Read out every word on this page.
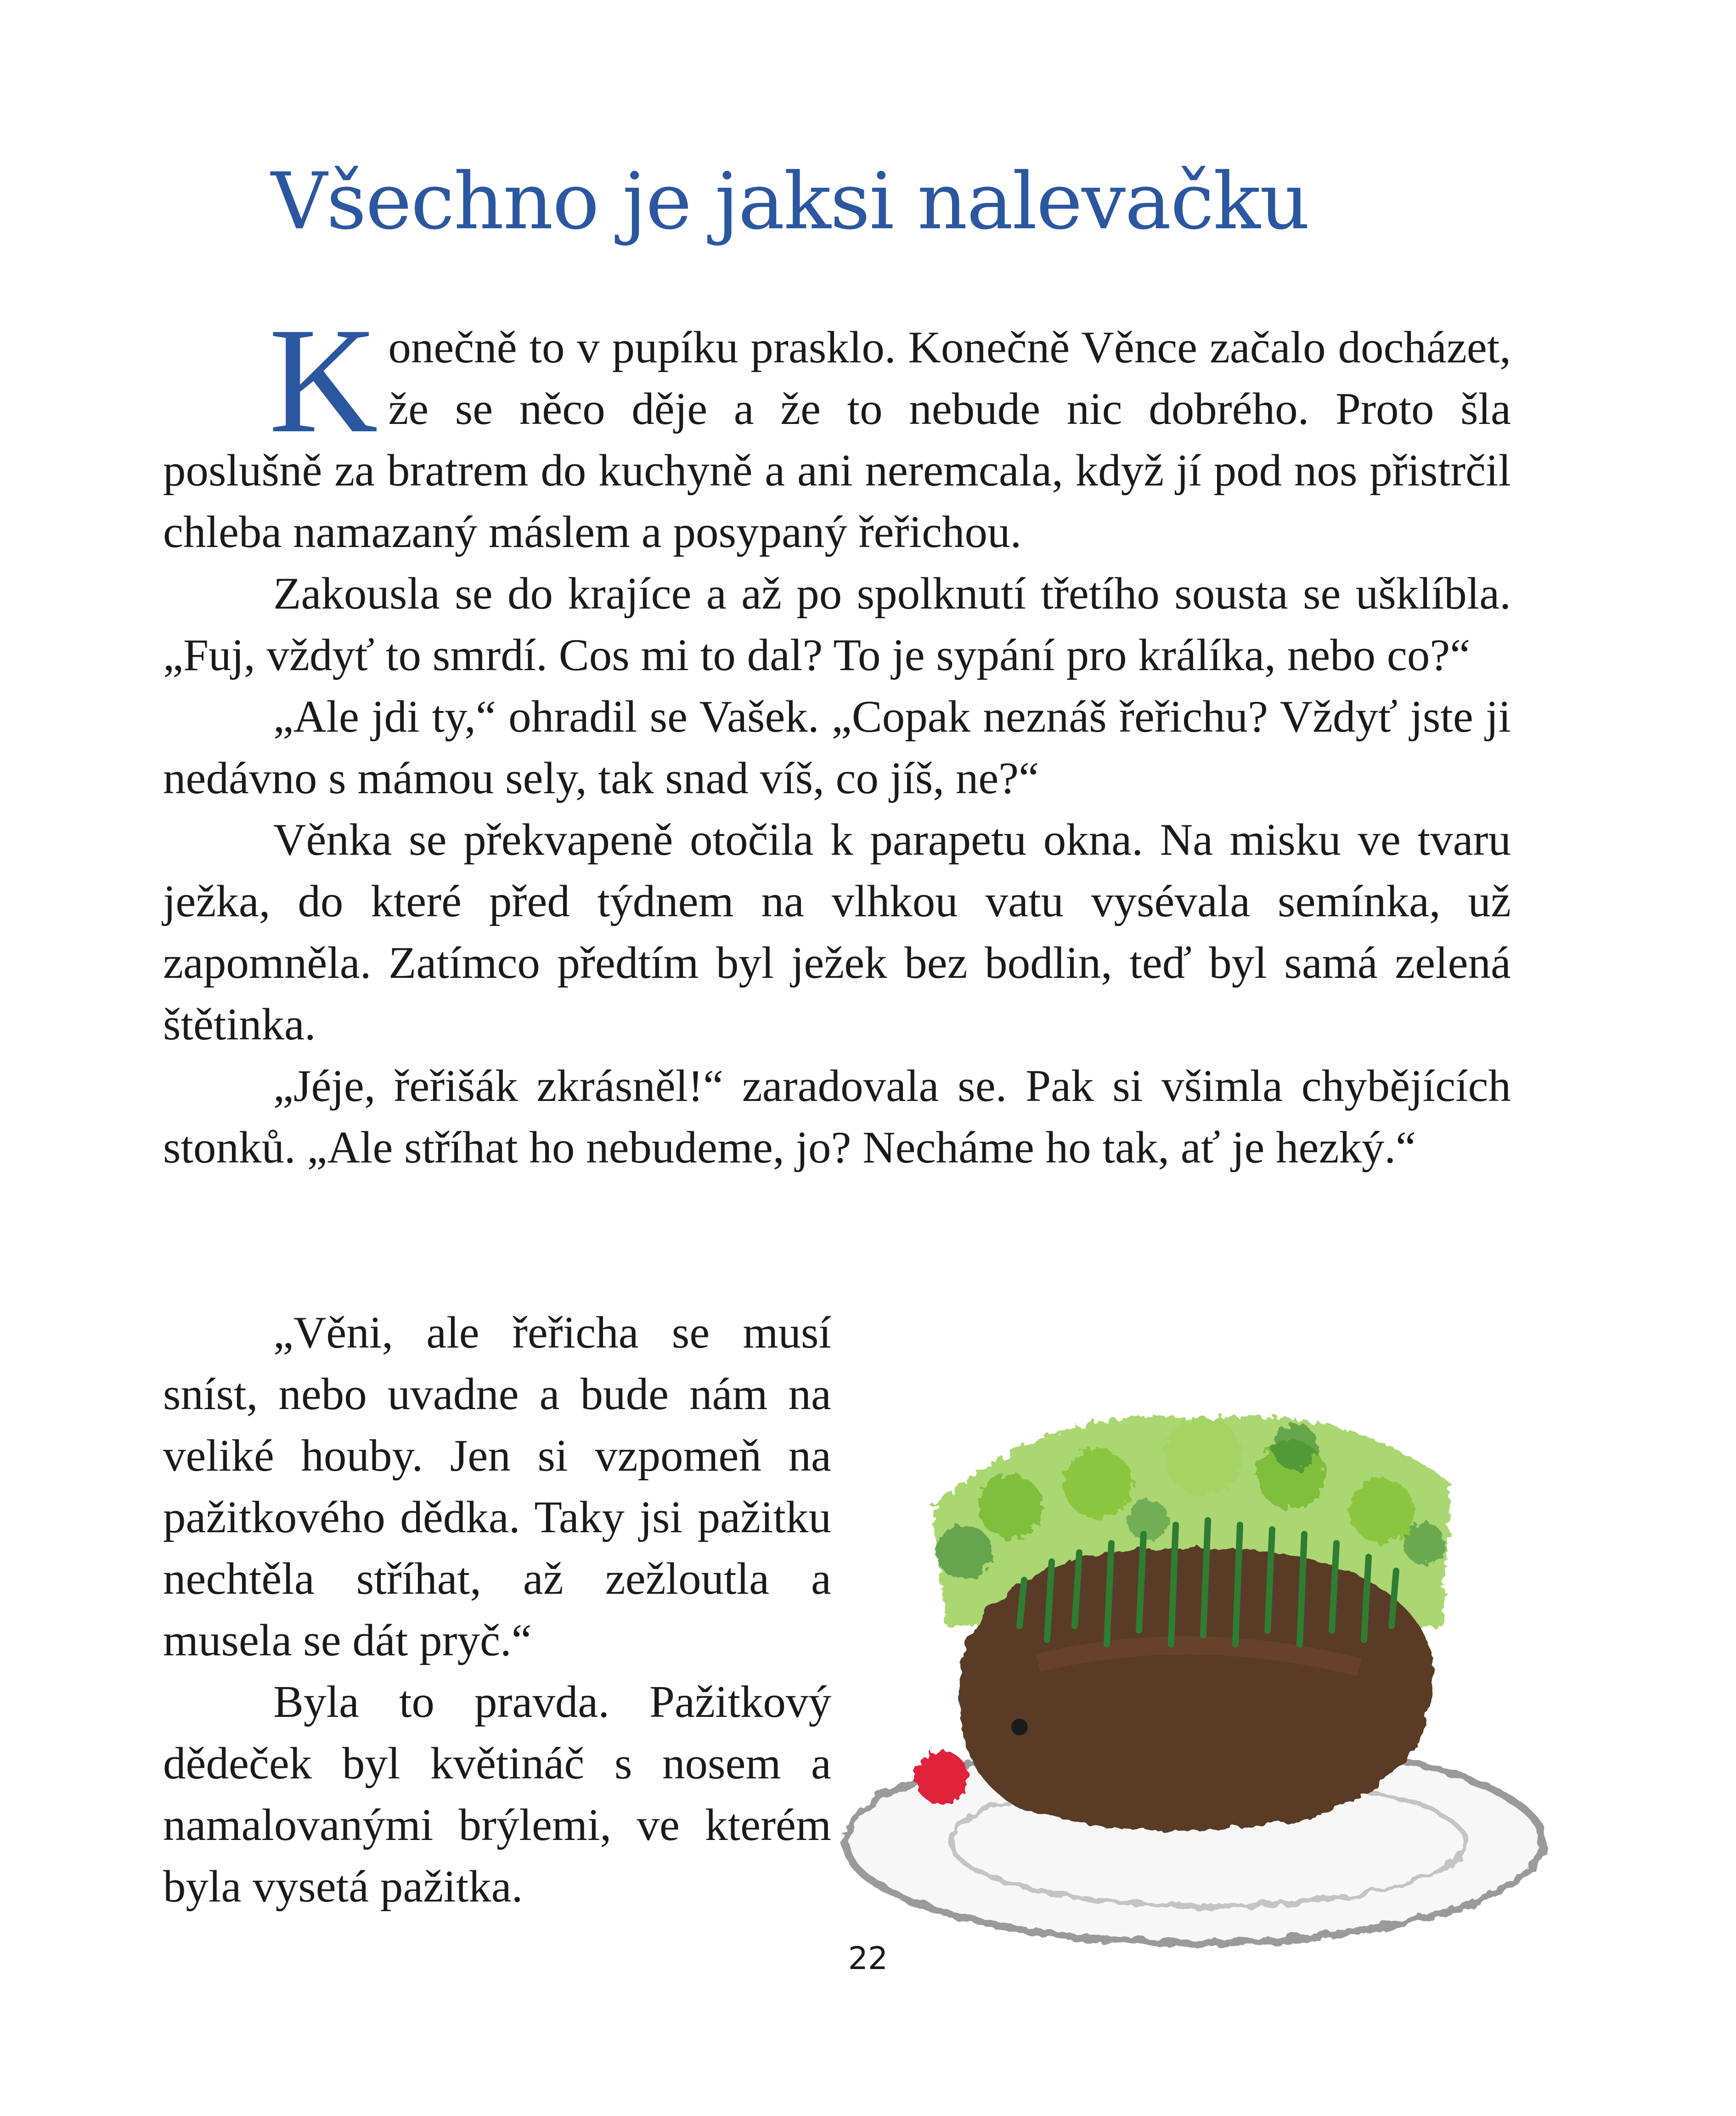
Všechno je jaksi nalevačku

Konečně to v pupíku prasklo. Konečně Věnce začalo docházet, že se něco děje a že to nebude nic dobrého. Proto šla poslušně za bratrem do kuchyně a ani neremcala, když jí pod nos přistrčil chleba namazaný máslem a posypaný řeřichou.

Zakousla se do krajíce a až po spolknutí třetího sousta se ušklíbla. „Fuj, vždyť to smrdí. Cos mi to dal? To je sypání pro králíka, nebo co?“

„Ale jdi ty,“ ohradil se Vašek. „Copak neznáš řeřichu? Vždyť jste ji nedávno s mámou sely, tak snad víš, co jíš, ne?“

Věnka se překvapeně otočila k parapetu okna. Na misku ve tvaru ježka, do které před týdnem na vlhkou vatu vysévala semínka, už zapomněla. Zatímco předtím byl ježek bez bodlin, teď byl samá zelená štětinka.

„Jéje, řeřišák zkrásněl!“ zaradovala se. Pak si všimla chybějících stonků. „Ale stříhat ho nebudeme, jo? Necháme ho tak, ať je hezký.“

„Věni, ale řeřicha se musí sníst, nebo uvadne a bude nám na veliké houby. Jen si vzpomeň na pažitkového dědka. Taky jsi pažitku nechtěla stříhat, až zežloutla a musela se dát pryč.“

Byla to pravda. Pažitkový dědeček byl květináč s nosem a namalovanými brýlemi, ve kterém byla vysetá pažitka.

22
